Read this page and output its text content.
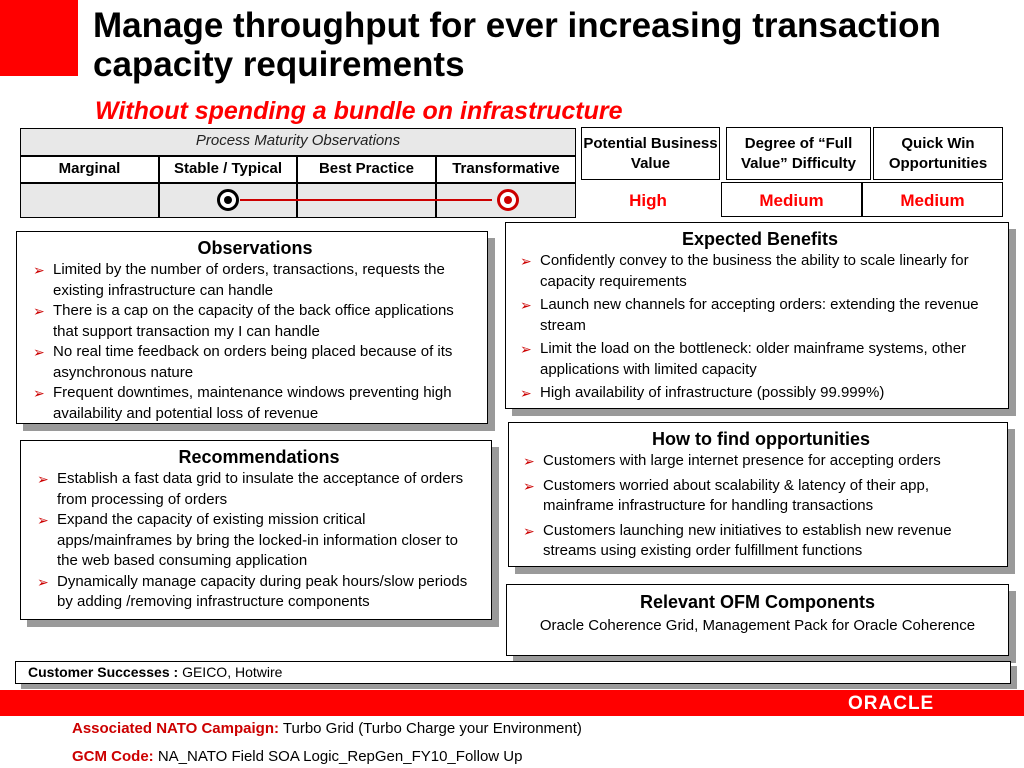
Manage throughput for ever increasing transaction capacity requirements
Without spending a bundle on infrastructure
Process Maturity Observations
Marginal	Stable / Typical	Best Practice	Transformative
Potential Business Value
Degree of “Full Value” Difficulty
Quick Win Opportunities
High	Medium	Medium
Observations
➢ Limited by the number of orders, transactions, requests the existing infrastructure can handle
➢ There is a cap on the capacity of the back office applications that support transaction my I can handle
➢ No real time feedback on orders being placed because of its asynchronous nature
➢ Frequent downtimes, maintenance windows preventing high availability and potential loss of revenue
Expected Benefits
➢ Confidently convey to the business the ability to scale linearly for capacity requirements
➢ Launch new channels for accepting orders: extending the revenue stream
➢ Limit the load on the bottleneck: older mainframe systems, other applications with limited capacity
➢ High availability of infrastructure (possibly 99.999%)
Recommendations
➢ Establish a fast data grid to insulate the acceptance of orders from processing of orders
➢ Expand the capacity of existing mission critical apps/mainframes by bring the locked-in information closer to the web based consuming application
➢ Dynamically manage capacity during peak hours/slow periods by adding /removing infrastructure components
How to find opportunities
➢ Customers with large internet presence for accepting orders
➢ Customers worried about scalability & latency of their app, mainframe infrastructure for handling transactions
➢ Customers launching new initiatives to establish new revenue streams using existing order fulfillment functions
Relevant OFM Components

Oracle Coherence Grid, Management Pack for Oracle Coherence

Customer Successes : GEICO, Hotwire
ORACLE
Associated NATO Campaign: Turbo Grid (Turbo Charge your Environment)
GCM Code: NA_NATO Field SOA Logic_RepGen_FY10_Follow Up
